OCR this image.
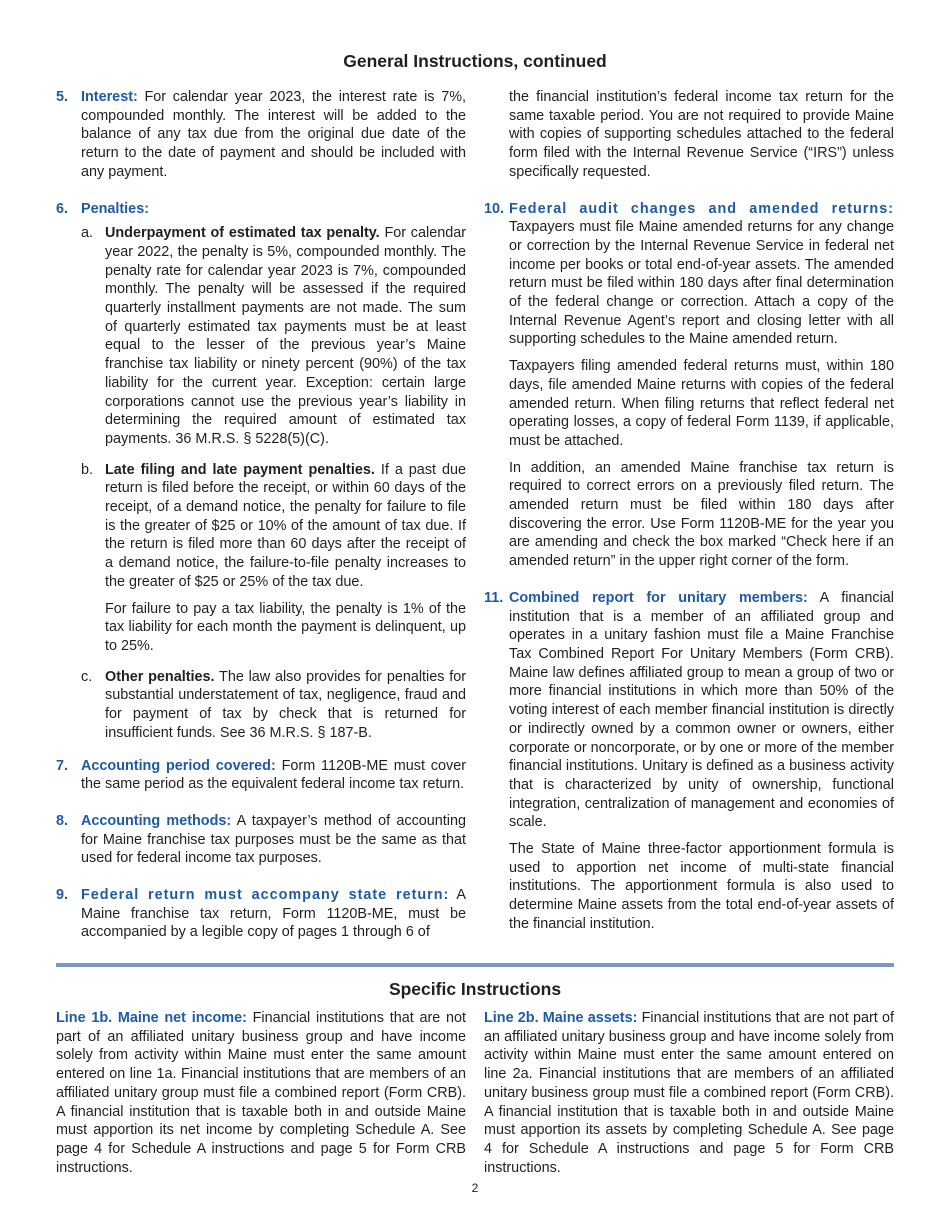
General Instructions, continued
5. Interest: For calendar year 2023, the interest rate is 7%, compounded monthly. The interest will be added to the balance of any tax due from the original due date of the return to the date of payment and should be included with any payment.
6. Penalties:
a. Underpayment of estimated tax penalty. For calendar year 2022, the penalty is 5%, compounded monthly. The penalty rate for calendar year 2023 is 7%, compounded monthly. The penalty will be assessed if the required quarterly installment payments are not made. The sum of quarterly estimated tax payments must be at least equal to the lesser of the previous year’s Maine franchise tax liability or ninety percent (90%) of the tax liability for the current year. Exception: certain large corporations cannot use the previous year’s liability in determining the required amount of estimated tax payments. 36 M.R.S. § 5228(5)(C).
b. Late filing and late payment penalties. If a past due return is filed before the receipt, or within 60 days of the receipt, of a demand notice, the penalty for failure to file is the greater of $25 or 10% of the amount of tax due. If the return is filed more than 60 days after the receipt of a demand notice, the failure-to-file penalty increases to the greater of $25 or 25% of the tax due.

For failure to pay a tax liability, the penalty is 1% of the tax liability for each month the payment is delinquent, up to 25%.

c. Other penalties. The law also provides for penalties for substantial understatement of tax, negligence, fraud and for payment of tax by check that is returned for insufficient funds. See 36 M.R.S. § 187-B.
7. Accounting period covered: Form 1120B-ME must cover the same period as the equivalent federal income tax return.
8. Accounting methods: A taxpayer’s method of accounting for Maine franchise tax purposes must be the same as that used for federal income tax purposes.
9. Federal return must accompany state return: A Maine franchise tax return, Form 1120B-ME, must be accompanied by a legible copy of pages 1 through 6 of
the financial institution’s federal income tax return for the same taxable period. You are not required to provide Maine with copies of supporting schedules attached to the federal form filed with the Internal Revenue Service (“IRS”) unless specifically requested.
10. Federal audit changes and amended returns: Taxpayers must file Maine amended returns for any change or correction by the Internal Revenue Service in federal net income per books or total end-of-year assets. The amended return must be filed within 180 days after final determination of the federal change or correction. Attach a copy of the Internal Revenue Agent’s report and closing letter with all supporting schedules to the Maine amended return.

Taxpayers filing amended federal returns must, within 180 days, file amended Maine returns with copies of the federal amended return. When filing returns that reflect federal net operating losses, a copy of federal Form 1139, if applicable, must be attached.

In addition, an amended Maine franchise tax return is required to correct errors on a previously filed return. The amended return must be filed within 180 days after discovering the error. Use Form 1120B-ME for the year you are amending and check the box marked “Check here if an amended return” in the upper right corner of the form.

11. Combined report for unitary members: A financial institution that is a member of an affiliated group and operates in a unitary fashion must file a Maine Franchise Tax Combined Report For Unitary Members (Form CRB). Maine law defines affiliated group to mean a group of two or more financial institutions in which more than 50% of the voting interest of each member financial institution is directly or indirectly owned by a common owner or owners, either corporate or noncorporate, or by one or more of the member financial institutions. Unitary is defined as a business activity that is characterized by unity of ownership, functional integration, centralization of management and economies of scale.

The State of Maine three-factor apportionment formula is used to apportion net income of multi-state financial institutions. The apportionment formula is also used to determine Maine assets from the total end-of-year assets of the financial institution.

Specific Instructions
Line 1b. Maine net income: Financial institutions that are not part of an affiliated unitary business group and have income solely from activity within Maine must enter the same amount entered on line 1a. Financial institutions that are members of an affiliated unitary group must file a combined report (Form CRB). A financial institution that is taxable both in and outside Maine must apportion its net income by completing Schedule A. See page 4 for Schedule A instructions and page 5 for Form CRB instructions.
Line 2b. Maine assets: Financial institutions that are not part of an affiliated unitary business group and have income solely from activity within Maine must enter the same amount entered on line 2a. Financial institutions that are members of an affiliated unitary business group must file a combined report (Form CRB). A financial institution that is taxable both in and outside Maine must apportion its assets by completing Schedule A. See page 4 for Schedule A instructions and page 5 for Form CRB instructions.
2
